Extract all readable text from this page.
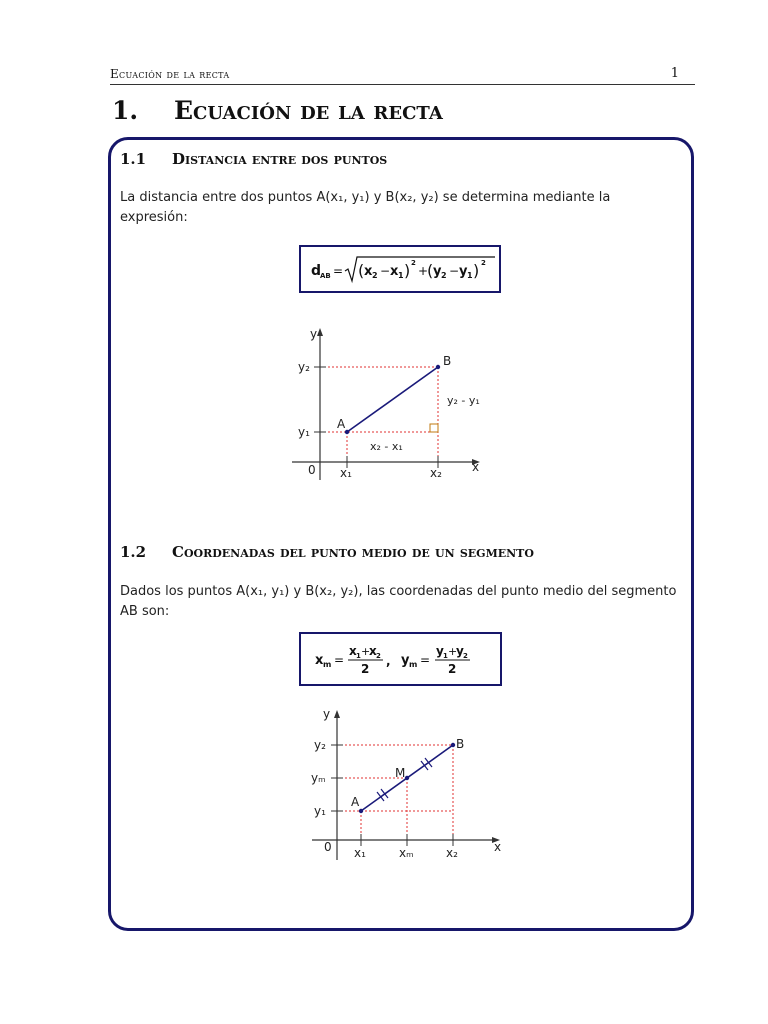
Ecuación de la recta	1
1. Ecuación de la recta
1.1 Distancia entre dos puntos
La distancia entre dos puntos A(x₁, y₁) y B(x₂, y₂) se determina mediante la expresión:
d
AB = ( x 2 − x 1 ) 2
+
( y 2 − y 1 ) 2
y
x
0
A
B
y₂
y₁
x₁	x₂
y₂ - y₁
x₂ - x₁
1.2 Coordenadas del punto medio de un segmento
Dados los puntos A(x₁, y₁) y B(x₂, y₂), las coordenadas del punto medio del segmento AB son:
x m =
x 1 +
x 2
2
, y m =
y 1 +
y 2
2
y
x
0
A
M
B
y₂
yₘ
y₁
x₁	xₘ	x₂
